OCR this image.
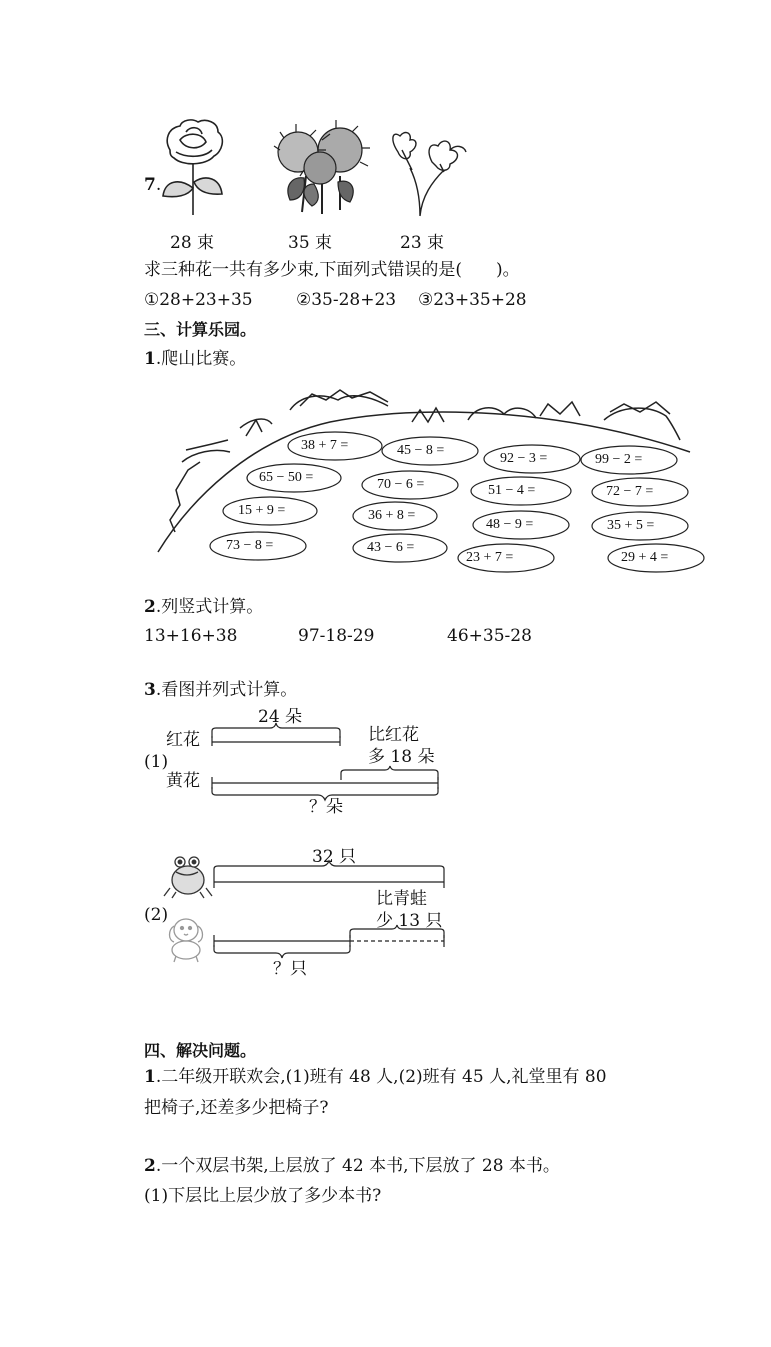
7.
28 束	35 束	23 束
求三种花一共有多少束,下面列式错误的是(　　)。
①28+23+35	②35-28+23 ③23+35+28
三、计算乐园。
1.爬山比赛。
38 + 7 =	45 − 8 =
92 − 3 =	99 − 2 =
65 − 50 =	70 − 6 =	51 − 4 =	72 − 7 =
15 + 9 =	36 + 8 =
48 − 9 =	35 + 5 =
73 − 8 =	43 − 6 =
23 + 7 =	29 + 4 =
2.列竖式计算。
13+16+38	97-18-29	46+35-28
3.看图并列式计算。
24 朵
红花	比红花
多 18 朵
(1)
黄花
？朵
32 只
比青蛙
(2)	少 13 只
？只
四、解决问题。
1.二年级开联欢会,(1)班有 48 人,(2)班有 45 人,礼堂里有 80
把椅子,还差多少把椅子?
2.一个双层书架,上层放了 42 本书,下层放了 28 本书。
(1)下层比上层少放了多少本书?
